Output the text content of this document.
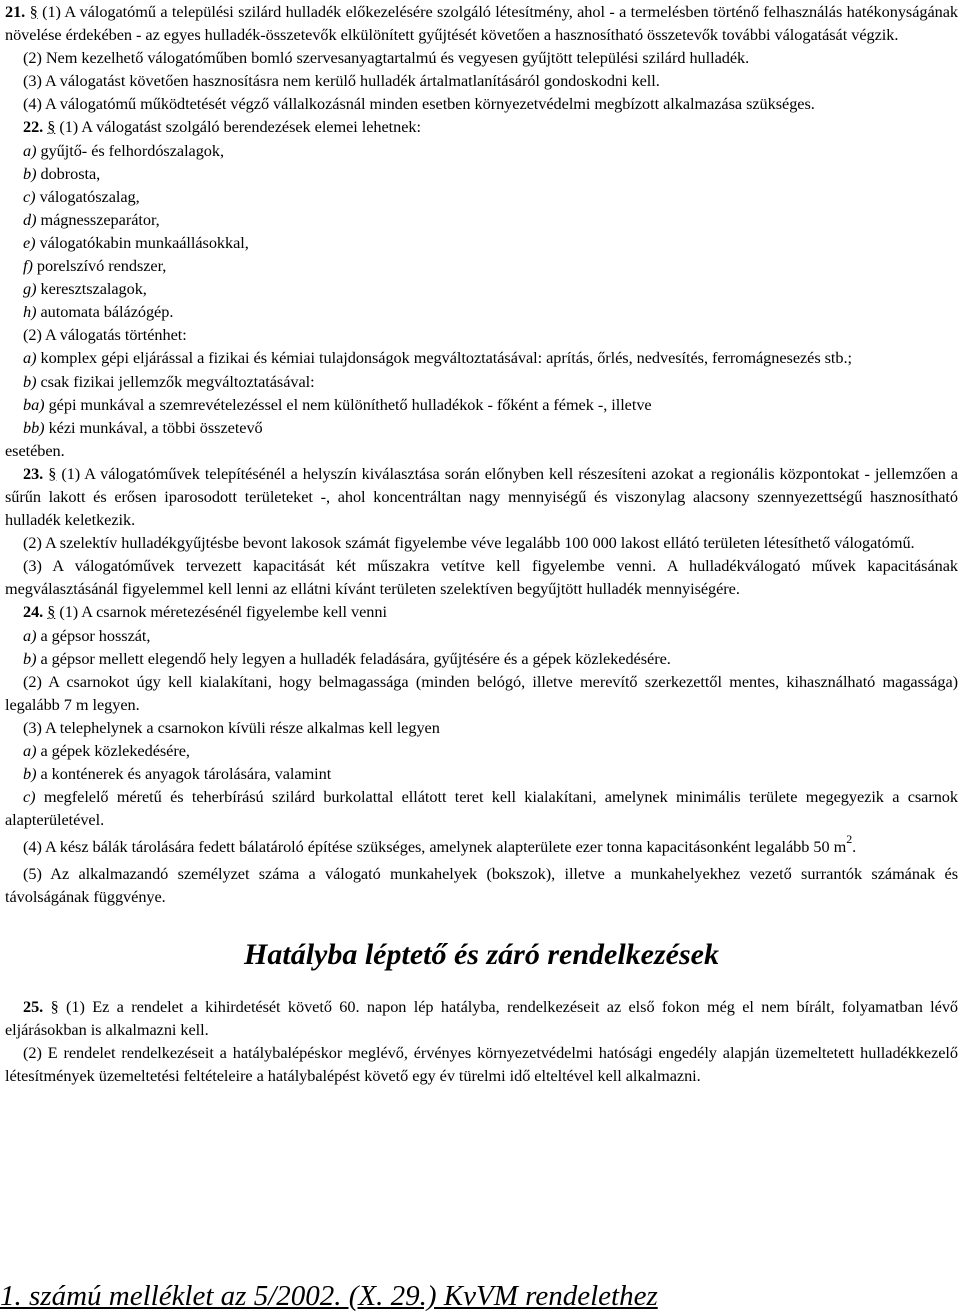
21. § (1) A válogatómű a települési szilárd hulladék előkezelésére szolgáló létesítmény, ahol - a termelésben történő felhasználás hatékonyságának növelése érdekében - az egyes hulladék-összetevők elkülönített gyűjtését követően a hasznosítható összetevők további válogatását végzik.

(2) Nem kezelhető válogatóműben bomló szervesanyagtartalmú és vegyesen gyűjtött települési szilárd hulladék.

(3) A válogatást követően hasznosításra nem kerülő hulladék ártalmatlanításáról gondoskodni kell.

(4) A válogatómű működtetését végző vállalkozásnál minden esetben környezetvédelmi megbízott alkalmazása szükséges.

22. § (1) A válogatást szolgáló berendezések elemei lehetnek:

a) gyűjtő- és felhordószalagok,

b) dobrosta,

c) válogatószalag,

d) mágnesszeparátor,

e) válogatókabin munkaállásokkal,

f) porelszívó rendszer,

g) keresztszalagok,

h) automata bálázógép.

(2) A válogatás történhet:

a) komplex gépi eljárással a fizikai és kémiai tulajdonságok megváltoztatásával: aprítás, őrlés, nedvesítés, ferromágnesezés stb.;

b) csak fizikai jellemzők megváltoztatásával:

ba) gépi munkával a szemrevételezéssel el nem különíthető hulladékok - főként a fémek -, illetve

bb) kézi munkával, a többi összetevő

esetében.

23. § (1) A válogatóművek telepítésénél a helyszín kiválasztása során előnyben kell részesíteni azokat a regionális központokat - jellemzően a sűrűn lakott és erősen iparosodott területeket -, ahol koncentráltan nagy mennyiségű és viszonylag alacsony szennyezettségű hasznosítható hulladék keletkezik.

(2) A szelektív hulladékgyűjtésbe bevont lakosok számát figyelembe véve legalább 100 000 lakost ellátó területen létesíthető válogatómű.

(3) A válogatóművek tervezett kapacitását két műszakra vetítve kell figyelembe venni. A hulladékválogató művek kapacitásának megválasztásánál figyelemmel kell lenni az ellátni kívánt területen szelektíven begyűjtött hulladék mennyiségére.

24. § (1) A csarnok méretezésénél figyelembe kell venni

a) a gépsor hosszát,

b) a gépsor mellett elegendő hely legyen a hulladék feladására, gyűjtésére és a gépek közlekedésére.

(2) A csarnokot úgy kell kialakítani, hogy belmagassága (minden belógó, illetve merevítő szerkezettől mentes, kihasználható magassága) legalább 7 m legyen.

(3) A telephelynek a csarnokon kívüli része alkalmas kell legyen

a) a gépek közlekedésére,

b) a konténerek és anyagok tárolására, valamint

c) megfelelő méretű és teherbírású szilárd burkolattal ellátott teret kell kialakítani, amelynek minimális területe megegyezik a csarnok alapterületével.

(4) A kész bálák tárolására fedett bálatároló építése szükséges, amelynek alapterülete ezer tonna kapacitásonként legalább 50 $m^2$.

(5) Az alkalmazandó személyzet száma a válogató munkahelyek (bokszok), illetve a munkahelyekhez vezető surrantók számának és távolságának függvénye.

Hatályba léptető és záró rendelkezések

25. § (1) Ez a rendelet a kihirdetését követő 60. napon lép hatályba, rendelkezéseit az első fokon még el nem bírált, folyamatban lévő eljárásokban is alkalmazni kell.

(2) E rendelet rendelkezéseit a hatálybalépéskor meglévő, érvényes környezetvédelmi hatósági engedély alapján üzemeltetett hulladékkezelő létesítmények üzemeltetési feltételeire a hatálybalépést követő egy év türelmi idő elteltével kell alkalmazni.

1. számú melléklet az 5/2002. (X. 29.) KvVM rendelethez
